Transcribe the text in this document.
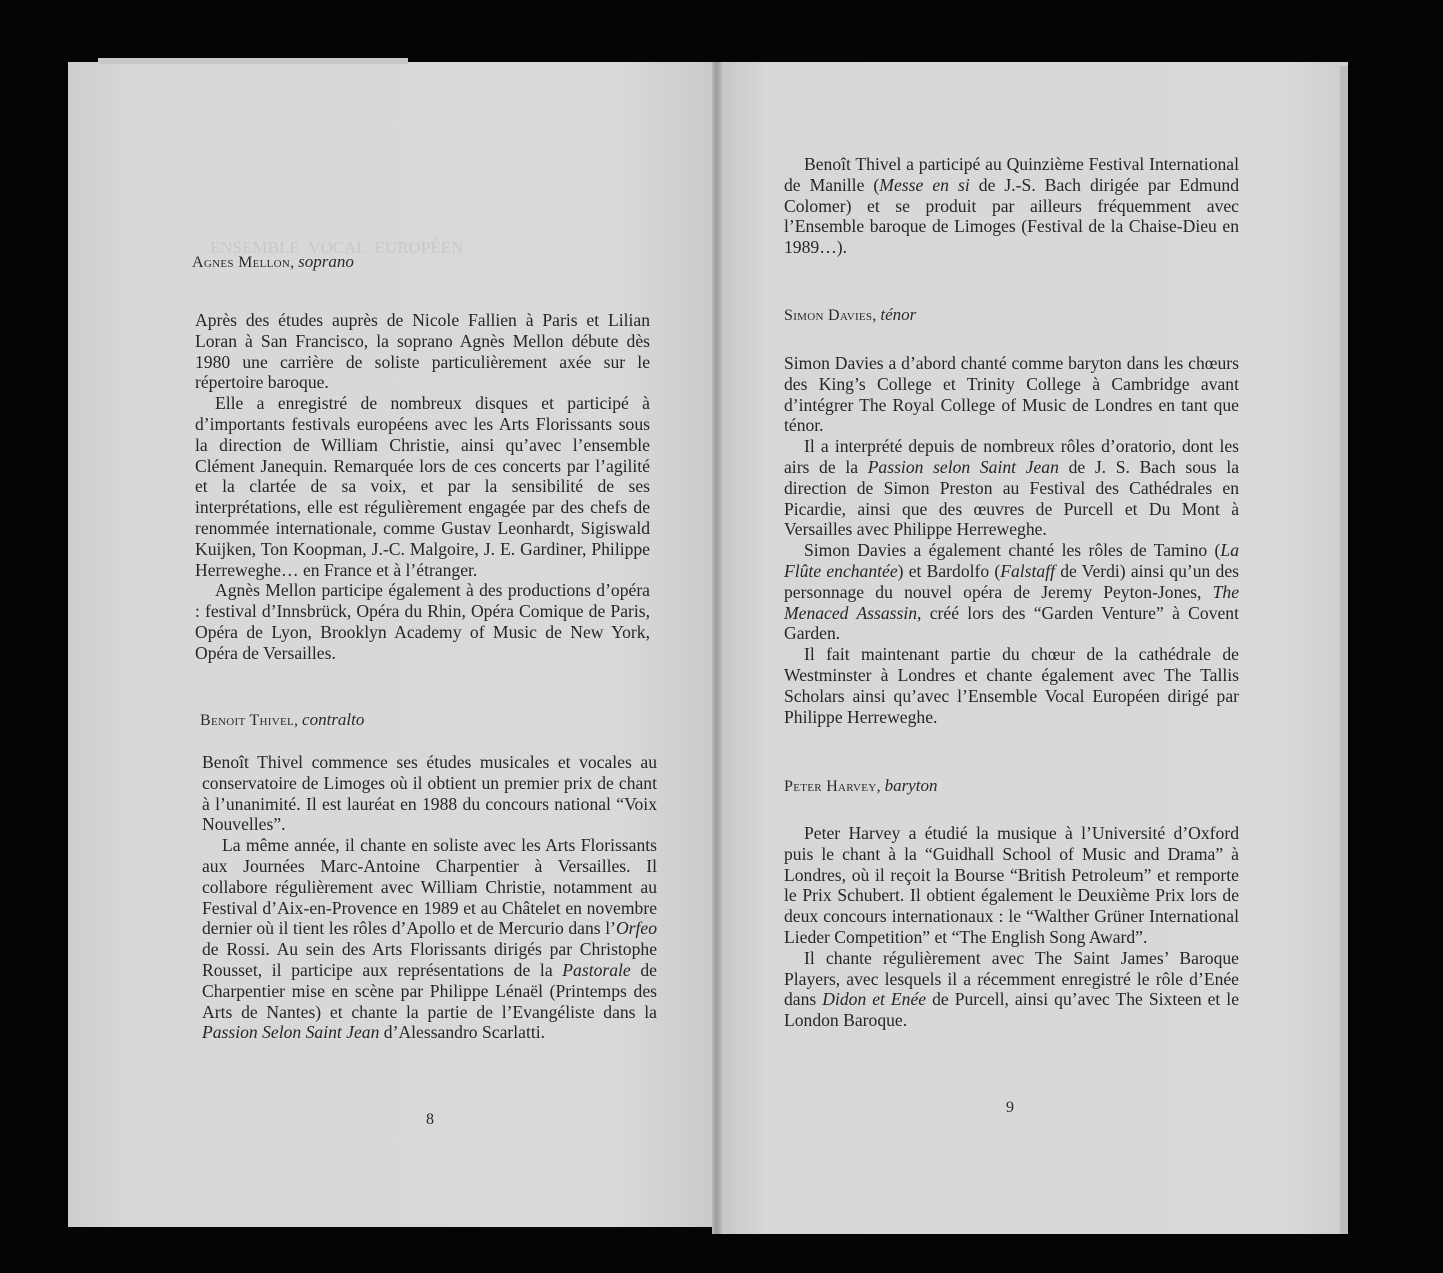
Agnes Mellon, soprano

Après des études auprès de Nicole Fallien à Paris et Lilian Loran à San Francisco, la soprano Agnès Mellon débute dès 1980 une carrière de soliste particulièrement axée sur le répertoire baroque.

Elle a enregistré de nombreux disques et participé à d’importants festivals européens avec les Arts Florissants sous la direction de William Christie, ainsi qu’avec l’ensemble Clément Janequin. Remarquée lors de ces concerts par l’agilité et la clartée de sa voix, et par la sensibilité de ses interprétations, elle est régulièrement engagée par des chefs de renommée internationale, comme Gustav Leonhardt, Sigiswald Kuijken, Ton Koopman, J.-C. Malgoire, J. E. Gardiner, Philippe Herreweghe… en France et à l’étranger.

Agnès Mellon participe également à des productions d’opéra : festival d’Innsbrück, Opéra du Rhin, Opéra Comique de Paris, Opéra de Lyon, Brooklyn Academy of Music de New York, Opéra de Versailles.

Benoit Thivel, contralto

Benoît Thivel commence ses études musicales et vocales au conservatoire de Limoges où il obtient un premier prix de chant à l’unanimité. Il est lauréat en 1988 du concours national “Voix Nouvelles”.

La même année, il chante en soliste avec les Arts Florissants aux Journées Marc-Antoine Charpentier à Versailles. Il collabore régulièrement avec William Christie, notamment au Festival d’Aix-en-Provence en 1989 et au Châtelet en novembre dernier où il tient les rôles d’Apollo et de Mercurio dans l’Orfeo de Rossi. Au sein des Arts Florissants dirigés par Christophe Rousset, il participe aux représentations de la Pastorale de Charpentier mise en scène par Philippe Lénaël (Printemps des Arts de Nantes) et chante la partie de l’Evangéliste dans la Passion Selon Saint Jean d’Alessandro Scarlatti.

8

Benoît Thivel a participé au Quinzième Festival International de Manille (Messe en si de J.-S. Bach dirigée par Edmund Colomer) et se produit par ailleurs fréquemment avec l’Ensemble baroque de Limoges (Festival de la Chaise-Dieu en 1989…).

Simon Davies, ténor

Simon Davies a d’abord chanté comme baryton dans les chœurs des King’s College et Trinity College à Cambridge avant d’intégrer The Royal College of Music de Londres en tant que ténor.

Il a interprété depuis de nombreux rôles d’oratorio, dont les airs de la Passion selon Saint Jean de J. S. Bach sous la direction de Simon Preston au Festival des Cathédrales en Picardie, ainsi que des œuvres de Purcell et Du Mont à Versailles avec Philippe Herreweghe.

Simon Davies a également chanté les rôles de Tamino (La Flûte enchantée) et Bardolfo (Falstaff de Verdi) ainsi qu’un des personnage du nouvel opéra de Jeremy Peyton-Jones, The Menaced Assassin, créé lors des “Garden Venture” à Covent Garden.

Il fait maintenant partie du chœur de la cathédrale de Westminster à Londres et chante également avec The Tallis Scholars ainsi qu’avec l’Ensemble Vocal Européen dirigé par Philippe Herreweghe.

Peter Harvey, baryton

Peter Harvey a étudié la musique à l’Université d’Oxford puis le chant à la “Guidhall School of Music and Drama” à Londres, où il reçoit la Bourse “British Petroleum” et remporte le Prix Schubert. Il obtient également le Deuxième Prix lors de deux concours internationaux : le “Walther Grüner International Lieder Competition” et “The English Song Award”.

Il chante régulièrement avec The Saint James’ Baroque Players, avec lesquels il a récemment enregistré le rôle d’Enée dans Didon et Enée de Purcell, ainsi qu’avec The Sixteen et le London Baroque.

9
